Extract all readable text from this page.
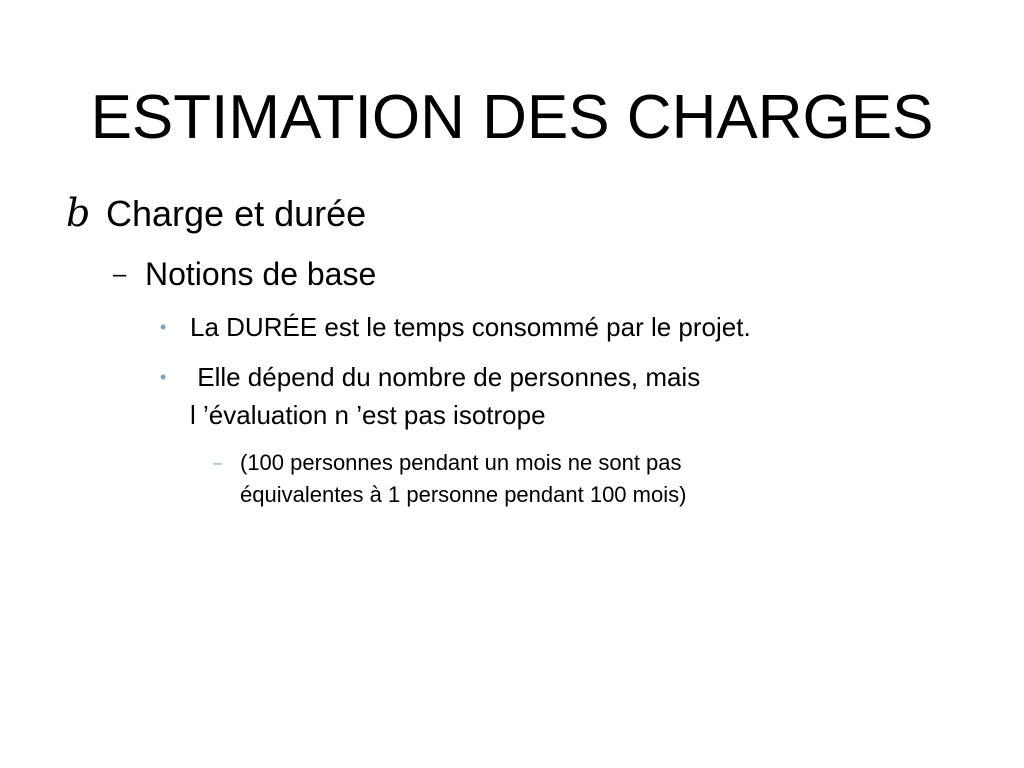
ESTIMATION DES CHARGES
b Charge et durée
– Notions de base
• La DURÉE est le temps consommé par le projet.
• Elle dépend du nombre de personnes, mais
l ’évaluation n ’est pas isotrope
– (100 personnes pendant un mois ne sont pas
équivalentes à 1 personne pendant 100 mois)
